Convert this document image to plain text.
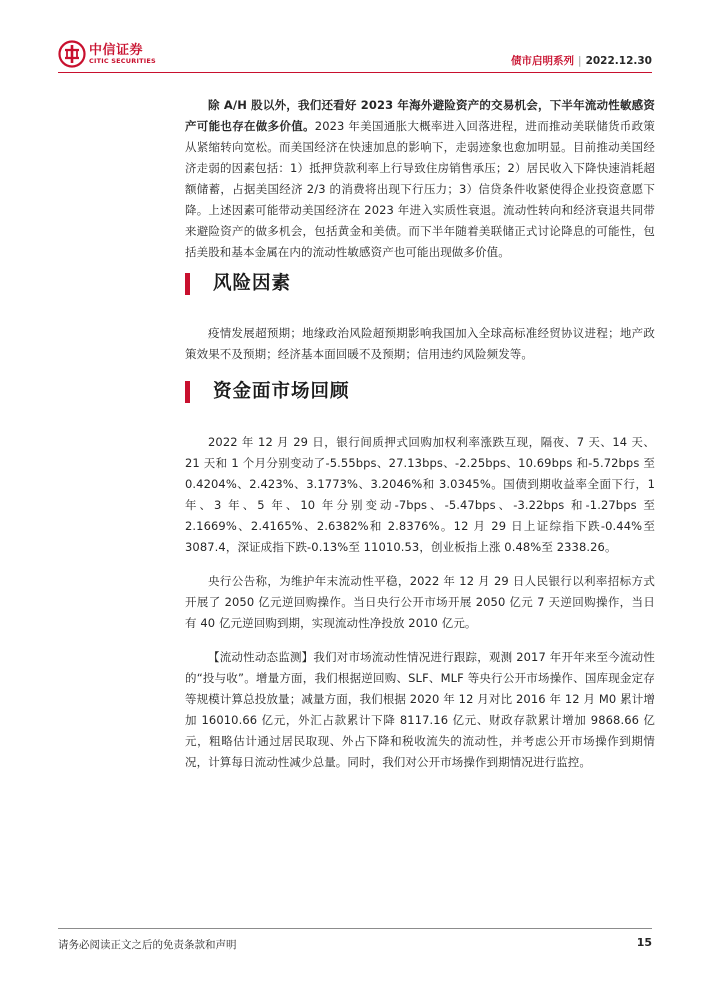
中信证券
CITIC SECURITIES	债市启明系列 | 2022.12.30

除 A/H 股以外，我们还看好 2023 年海外避险资产的交易机会，下半年流动性敏感资产可能也存在做多价值。2023 年美国通胀大概率进入回落进程，进而推动美联储货币政策从紧缩转向宽松。而美国经济在快速加息的影响下，走弱迹象也愈加明显。目前推动美国经济走弱的因素包括：1）抵押贷款利率上行导致住房销售承压；2）居民收入下降快速消耗超额储蓄，占据美国经济 2/3 的消费将出现下行压力；3）信贷条件收紧使得企业投资意愿下降。上述因素可能带动美国经济在 2023 年进入实质性衰退。流动性转向和经济衰退共同带来避险资产的做多机会，包括黄金和美债。而下半年随着美联储正式讨论降息的可能性，包括美股和基本金属在内的流动性敏感资产也可能出现做多价值。

风险因素

疫情发展超预期；地缘政治风险超预期影响我国加入全球高标准经贸协议进程；地产政策效果不及预期；经济基本面回暖不及预期；信用违约风险频发等。

资金面市场回顾

2022 年 12 月 29 日，银行间质押式回购加权利率涨跌互现，隔夜、7 天、14 天、21 天和 1 个月分别变动了-5.55bps、27.13bps、-2.25bps、10.69bps 和-5.72bps 至 0.4204%、2.423%、3.1773%、3.2046%和 3.0345%。国债到期收益率全面下行，1 年、3 年、5 年、10 年分别变动-7bps、-5.47bps、-3.22bps 和-1.27bps 至 2.1669%、2.4165%、2.6382%和 2.8376%。12 月 29 日上证综指下跌-0.44%至 3087.4，深证成指下跌-0.13%至 11010.53，创业板指上涨 0.48%至 2338.26。

央行公告称，为维护年末流动性平稳，2022 年 12 月 29 日人民银行以利率招标方式开展了 2050 亿元逆回购操作。当日央行公开市场开展 2050 亿元 7 天逆回购操作，当日有 40 亿元逆回购到期，实现流动性净投放 2010 亿元。

【流动性动态监测】我们对市场流动性情况进行跟踪，观测 2017 年开年来至今流动性的“投与收”。增量方面，我们根据逆回购、SLF、MLF 等央行公开市场操作、国库现金定存等规模计算总投放量；减量方面，我们根据 2020 年 12 月对比 2016 年 12 月 M0 累计增加 16010.66 亿元，外汇占款累计下降 8117.16 亿元、财政存款累计增加 9868.66 亿元，粗略估计通过居民取现、外占下降和税收流失的流动性，并考虑公开市场操作到期情况，计算每日流动性减少总量。同时，我们对公开市场操作到期情况进行监控。

请务必阅读正文之后的免责条款和声明	15
